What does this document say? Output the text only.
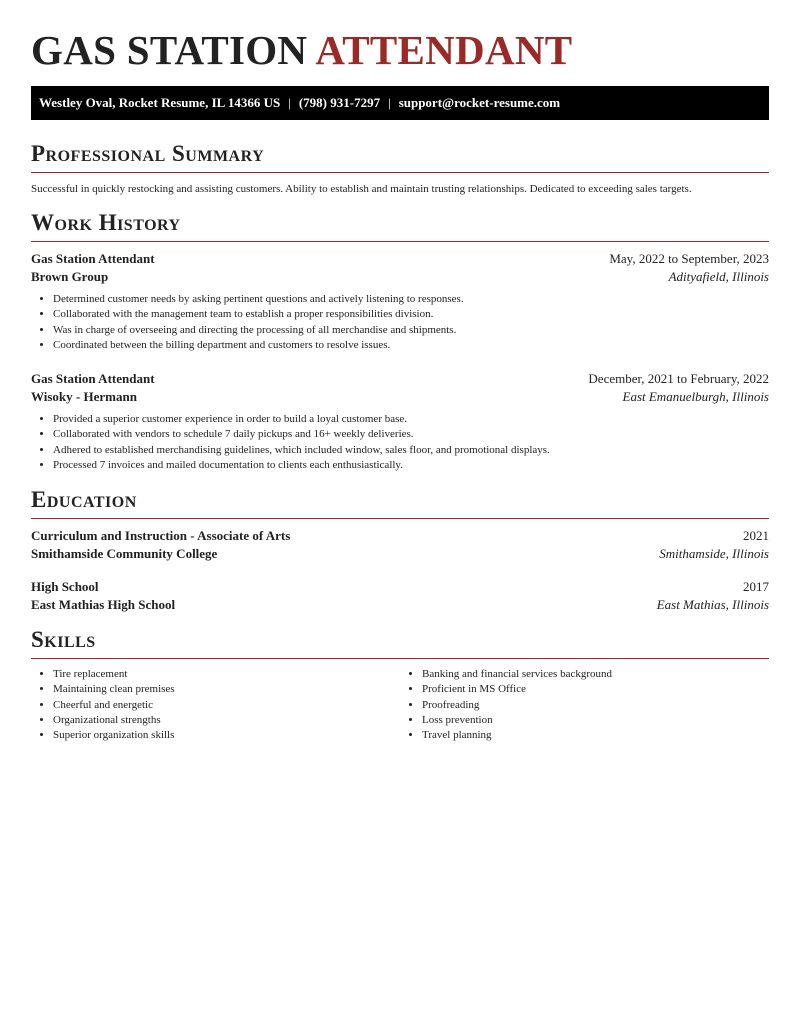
GAS STATION ATTENDANT
Westley Oval, Rocket Resume, IL 14366 US | (798) 931-7297 | support@rocket-resume.com
Professional Summary

Successful in quickly restocking and assisting customers. Ability to establish and maintain trusting relationships. Dedicated to exceeding sales targets.

Work History
Gas Station Attendant	May, 2022 to September, 2023
Brown Group	Adityafield, Illinois
• Determined customer needs by asking pertinent questions and actively listening to responses.
• Collaborated with the management team to establish a proper responsibilities division.
• Was in charge of overseeing and directing the processing of all merchandise and shipments.
• Coordinated between the billing department and customers to resolve issues.
Gas Station Attendant	December, 2021 to February, 2022
Wisoky - Hermann	East Emanuelburgh, Illinois
• Provided a superior customer experience in order to build a loyal customer base.
• Collaborated with vendors to schedule 7 daily pickups and 16+ weekly deliveries.
• Adhered to established merchandising guidelines, which included window, sales floor, and promotional displays.
• Processed 7 invoices and mailed documentation to clients each enthusiastically.
Education
Curriculum and Instruction - Associate of Arts	2021
Smithamside Community College	Smithamside, Illinois
High School	2017
East Mathias High School	East Mathias, Illinois
Skills
• Tire replacement
• Maintaining clean premises
• Cheerful and energetic
• Organizational strengths
• Superior organization skills
• Banking and financial services background
• Proficient in MS Office
• Proofreading
• Loss prevention
• Travel planning
